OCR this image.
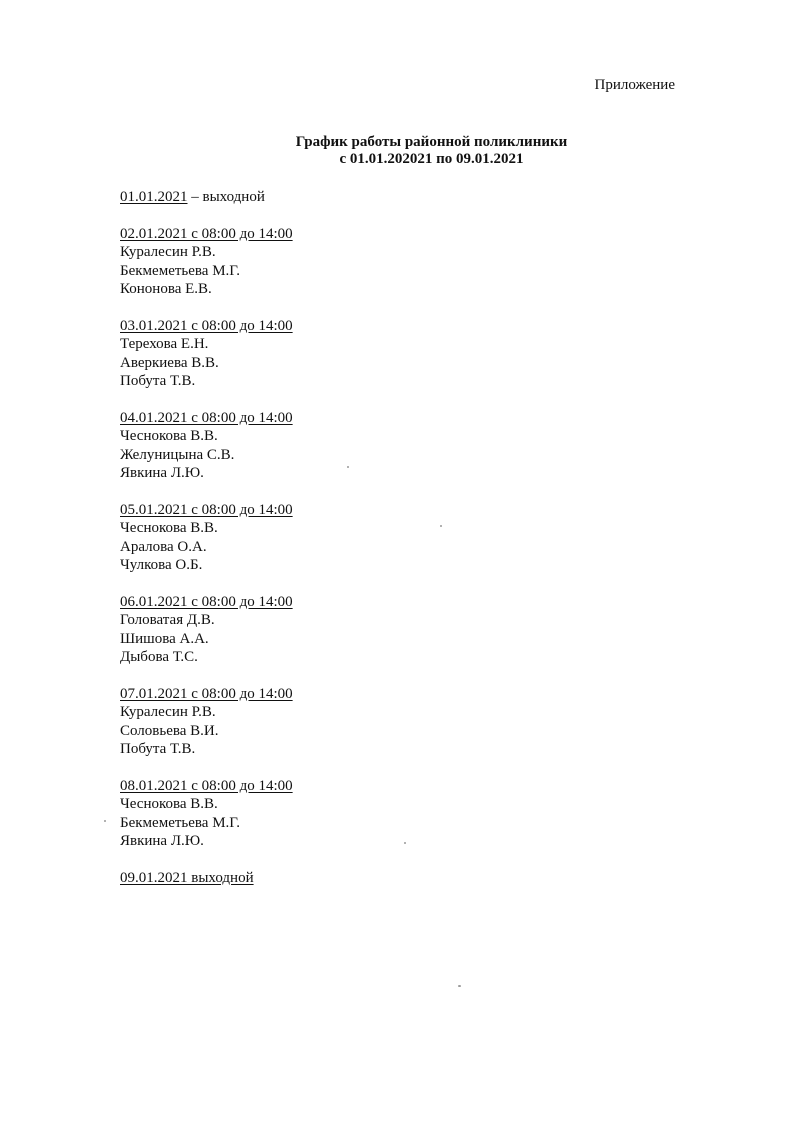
Приложение
График работы районной поликлиники
с 01.01.202021 по 09.01.2021
01.01.2021 – выходной
02.01.2021 с 08:00 до 14:00
Куралесин Р.В.
Бекмеметьева М.Г.
Кононова Е.В.
03.01.2021 с 08:00 до 14:00
Терехова Е.Н.
Аверкиева В.В.
Побута Т.В.
04.01.2021 с 08:00 до 14:00
Чеснокова В.В.
Желуницына С.В.
Явкина Л.Ю.
05.01.2021 с 08:00 до 14:00
Чеснокова В.В.
Аралова О.А.
Чулкова О.Б.
06.01.2021 с 08:00 до 14:00
Головатая Д.В.
Шишова А.А.
Дыбова Т.С.
07.01.2021 с 08:00 до 14:00
Куралесин Р.В.
Соловьева В.И.
Побута Т.В.
08.01.2021 с 08:00 до 14:00
Чеснокова В.В.
Бекмеметьева М.Г.
Явкина Л.Ю.
09.01.2021 выходной
